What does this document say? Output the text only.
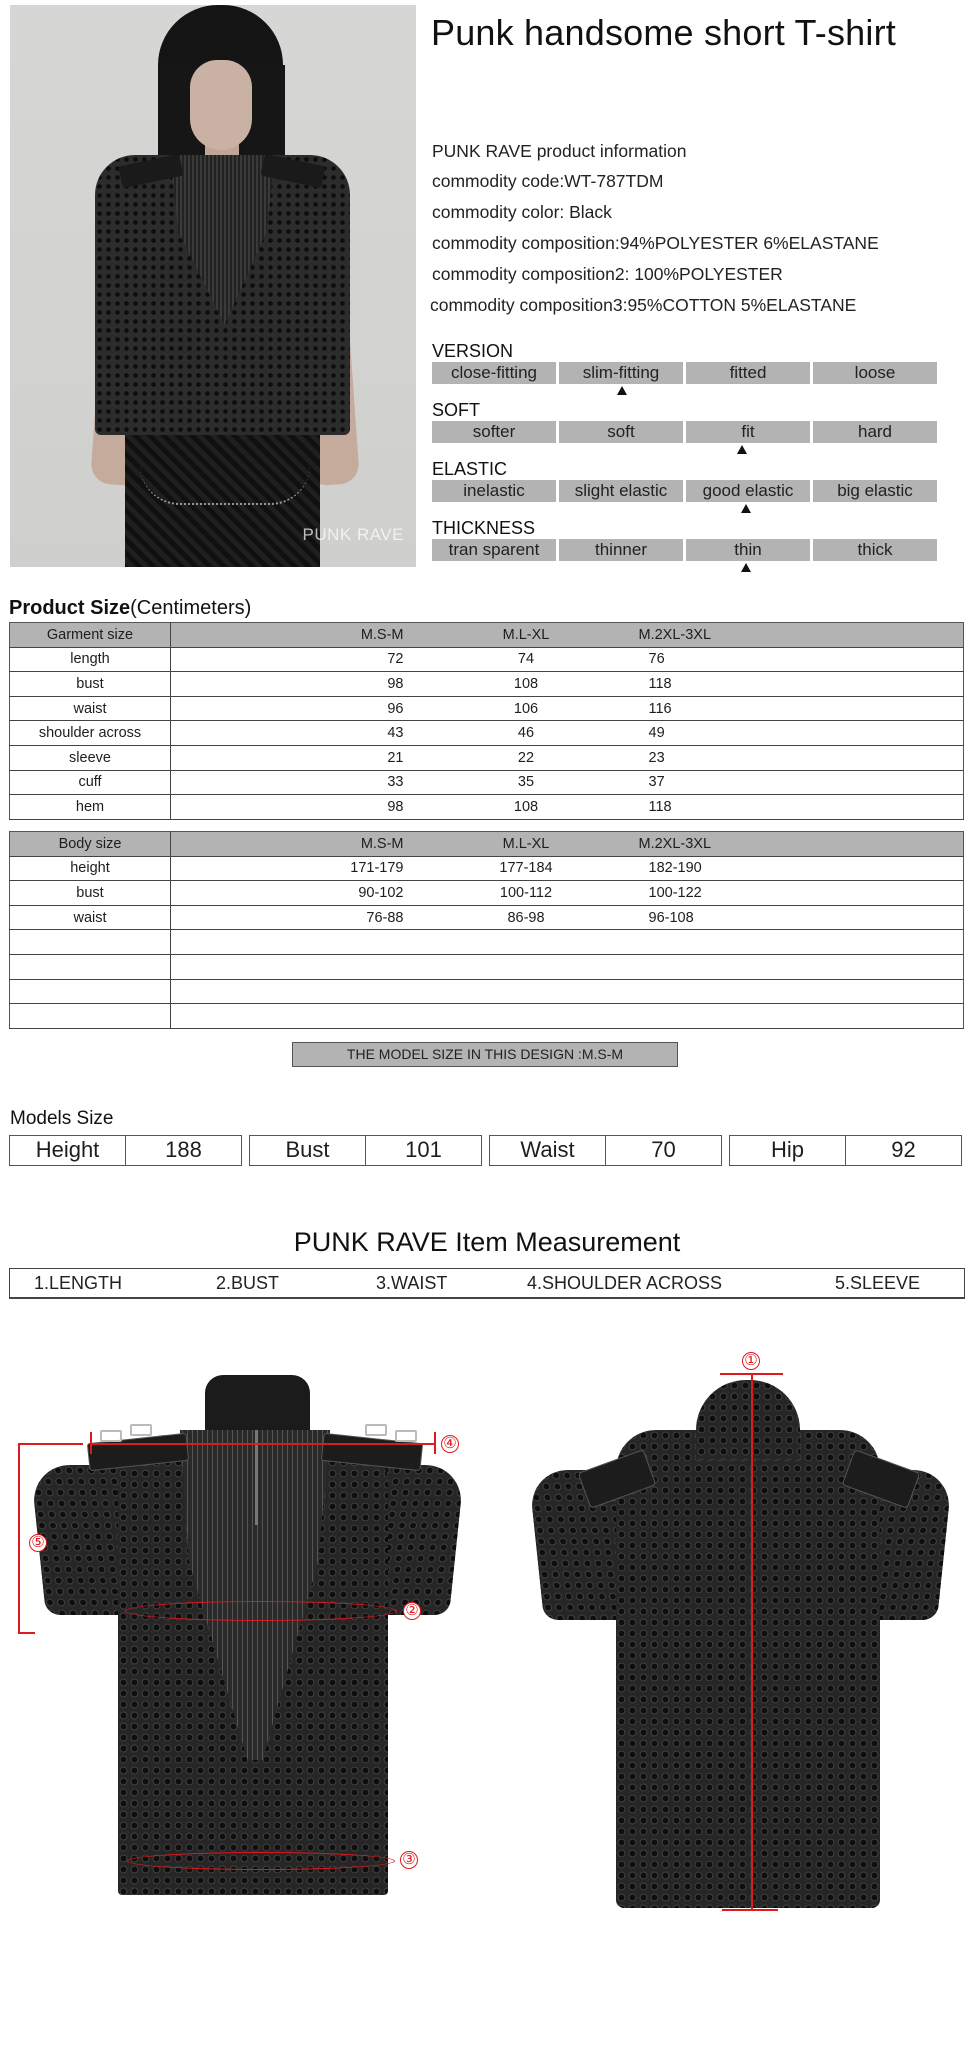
PUNK RAVE
Punk handsome short T-shirt
PUNK RAVE product information
commodity code:WT-787TDM
commodity color: Black
commodity composition:94%POLYESTER 6%ELASTANE
commodity composition2: 100%POLYESTER
commodity composition3:95%COTTON 5%ELASTANE
VERSION
close-fitting	slim-fitting	fitted	loose
SOFT
softer	soft	fit	hard
ELASTIC
inelastic	slight elastic	good elastic	big elastic
THICKNESS
tran sparent	thinner	thin	thick
Product Size(Centimeters)
Garment size	M.S-M	M.L-XL	M.2XL-3XL	
length	72	74	76	
bust	98	108	118	
waist	96	106	116	
shoulder across	43	46	49	
sleeve	21	22	23	
cuff	33	35	37	
hem	98	108	118	
Body size	M.S-M	M.L-XL	M.2XL-3XL	
height	171-179	177-184	182-190	
bust	90-102	100-112	100-122	
waist	76-88	86-98	96-108	

THE MODEL SIZE IN THIS DESIGN :M.S-M
Models Size
Height	188	Bust	101	Waist	70	Hip	92
PUNK RAVE Item Measurement
1.LENGTH	2.BUST	3.WAIST	4.SHOULDER ACROSS	5.SLEEVE
④
⑤
②
③
①
